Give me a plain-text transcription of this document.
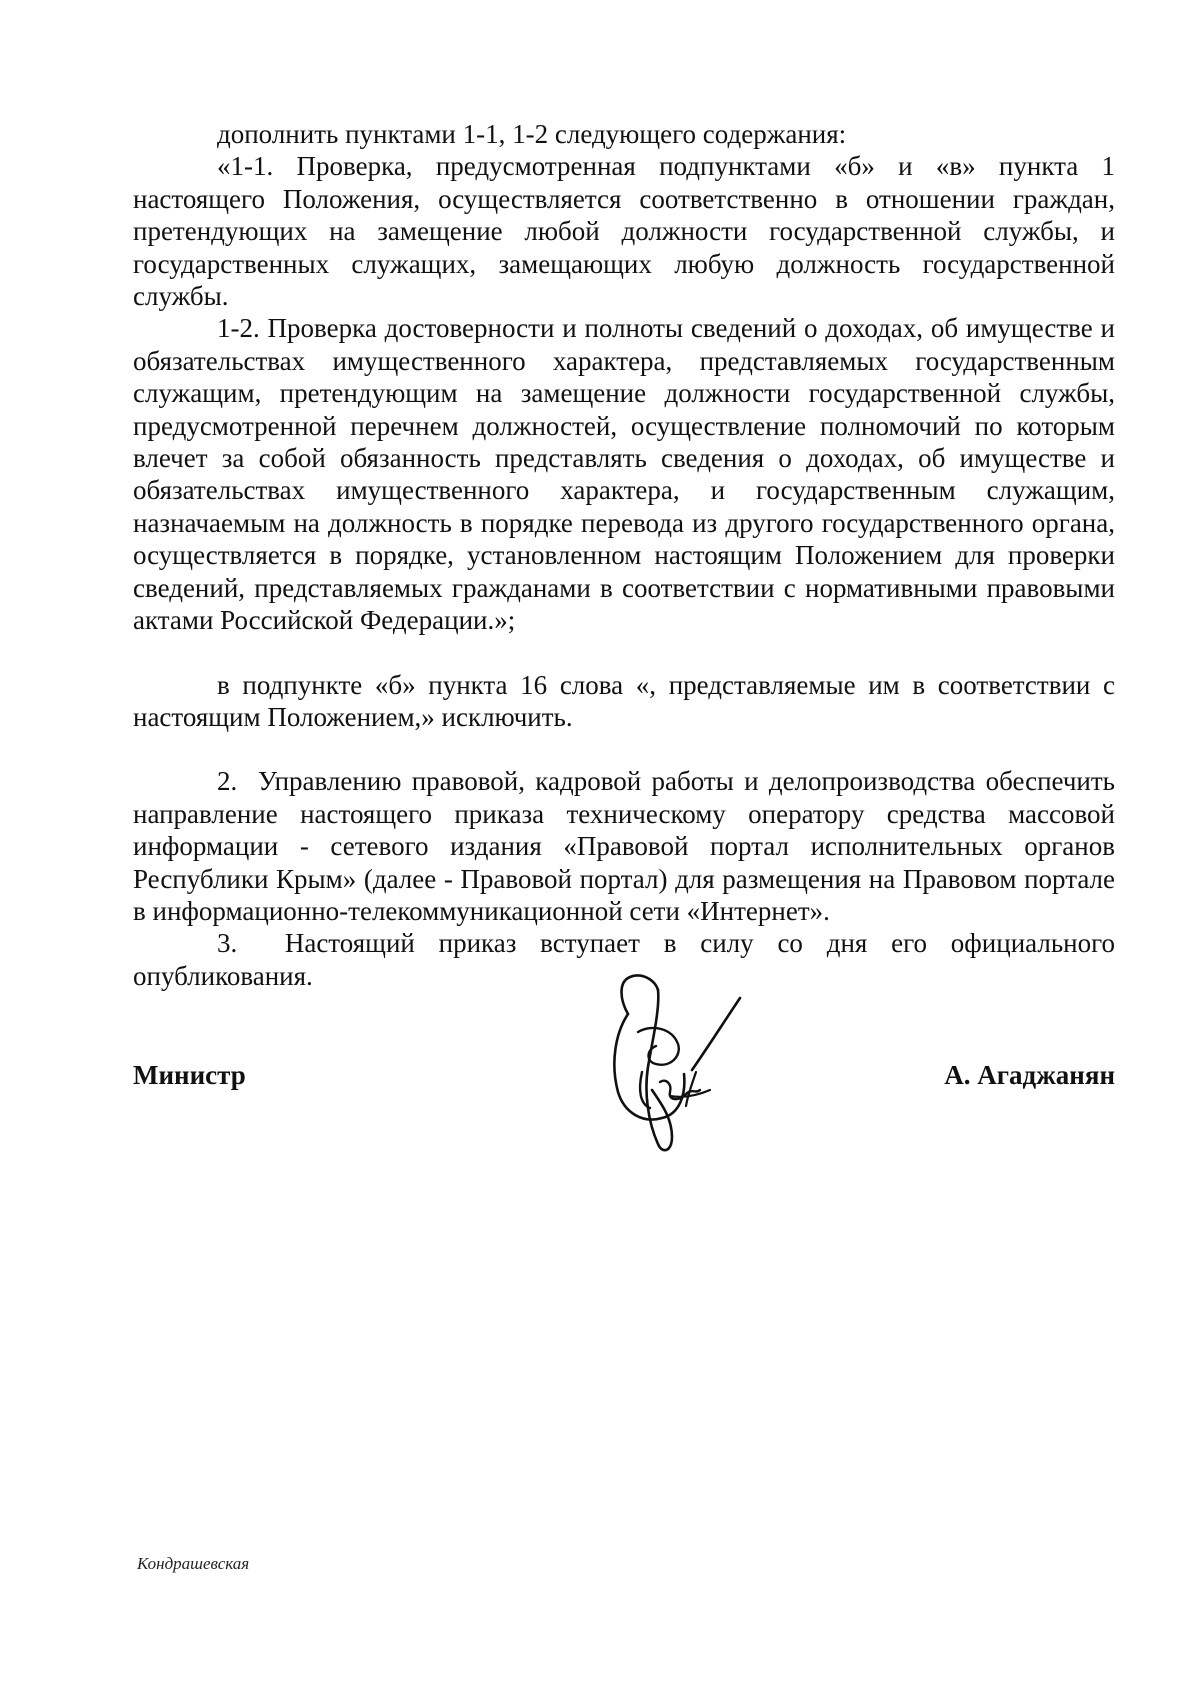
дополнить пунктами 1-1, 1-2 следующего содержания:

«1-1. Проверка, предусмотренная подпунктами «б» и «в» пункта 1 настоящего Положения, осуществляется соответственно в отношении граждан, претендующих на замещение любой должности государственной службы, и государственных служащих, замещающих любую должность государственной службы.

1-2. Проверка достоверности и полноты сведений о доходах, об имуществе и обязательствах имущественного характера, представляемых государственным служащим, претендующим на замещение должности государственной службы, предусмотренной перечнем должностей, осуществление полномочий по которым влечет за собой обязанность представлять сведения о доходах, об имуществе и обязательствах имущественного характера, и государственным служащим, назначаемым на должность в порядке перевода из другого государственного органа, осуществляется в порядке, установленном настоящим Положением для проверки сведений, представляемых гражданами в соответствии с нормативными правовыми актами Российской Федерации.»;

в подпункте «б» пункта 16 слова «, представляемые им в соответствии с настоящим Положением,» исключить.

2.  Управлению правовой, кадровой работы и делопроизводства обеспечить направление настоящего приказа техническому оператору средства массовой информации - сетевого издания «Правовой портал исполнительных органов Республики Крым» (далее - Правовой портал) для размещения на Правовом портале в информационно-телекоммуникационной сети «Интернет».

3.  Настоящий приказ вступает в силу со дня его официального опубликования.

Министр	А. Агаджанян
Кондрашевская
